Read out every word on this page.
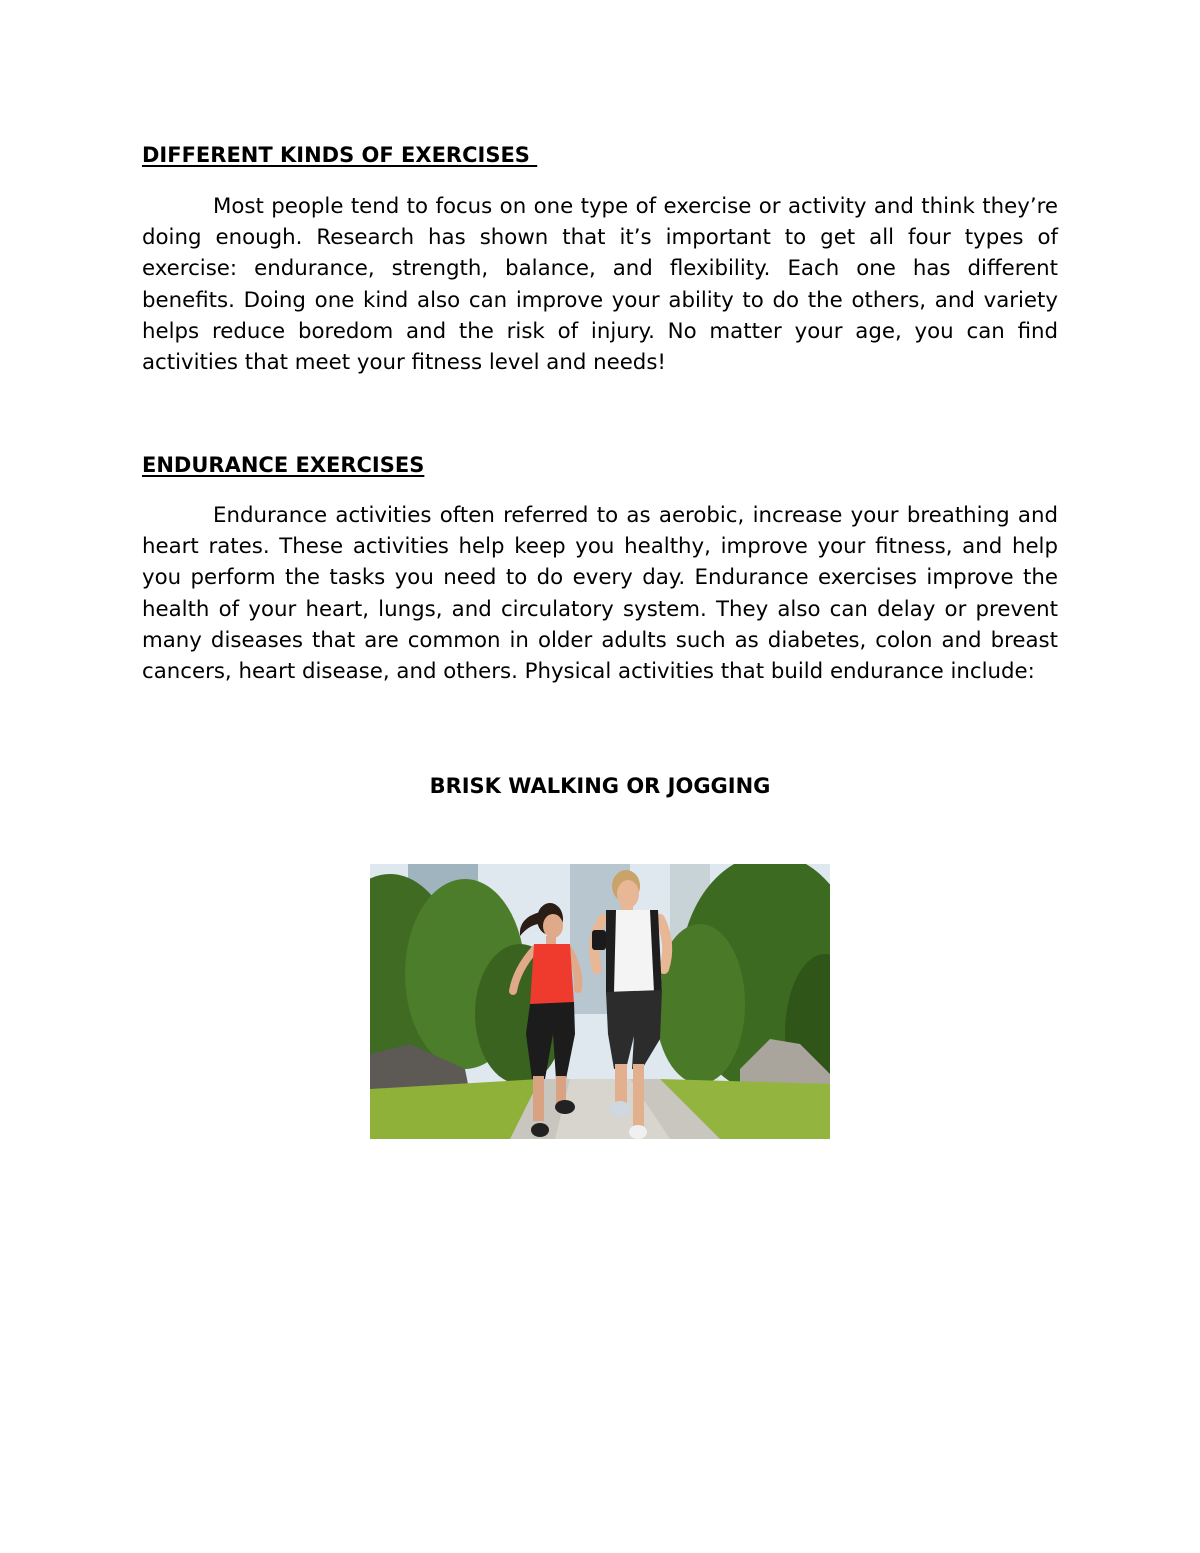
DIFFERENT KINDS OF EXERCISES

Most people tend to focus on one type of exercise or activity and think they’re doing enough. Research has shown that it’s important to get all four types of exercise: endurance, strength, balance, and flexibility. Each one has different benefits. Doing one kind also can improve your ability to do the others, and variety helps reduce boredom and the risk of injury. No matter your age, you can find activities that meet your fitness level and needs!

ENDURANCE EXERCISES

Endurance activities often referred to as aerobic, increase your breathing and heart rates. These activities help keep you healthy, improve your fitness, and help you perform the tasks you need to do every day. Endurance exercises improve the health of your heart, lungs, and circulatory system. They also can delay or prevent many diseases that are common in older adults such as diabetes, colon and breast cancers, heart disease, and others. Physical activities that build endurance include:

BRISK WALKING OR JOGGING
